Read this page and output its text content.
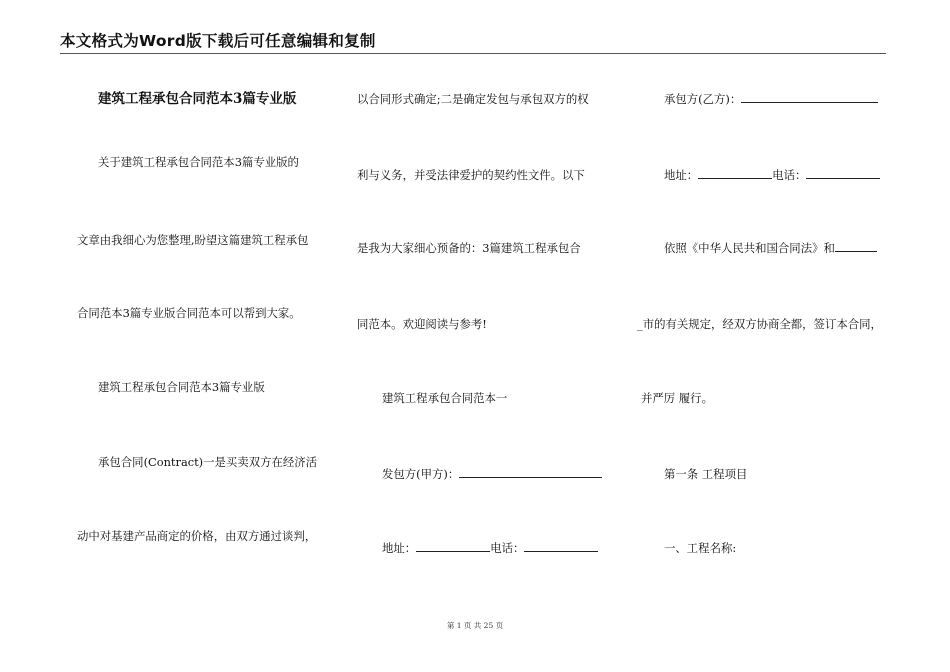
本文格式为Word版下载后可任意编辑和复制
建筑工程承包合同范本3篇专业版
关于建筑工程承包合同范本3篇专业版的
文章由我细心为您整理,盼望这篇建筑工程承包
合同范本3篇专业版合同范本可以帮到大家。
建筑工程承包合同范本3篇专业版
承包合同(Contract)一是买卖双方在经济活
动中对基建产品商定的价格，由双方通过谈判，
以合同形式确定;二是确定发包与承包双方的权
利与义务，并受法律爱护的契约性文件。以下
是我为大家细心预备的：3篇建筑工程承包合
同范本。欢迎阅读与参考!
建筑工程承包合同范本一
发包方(甲方)：
地址：	电话：
承包方(乙方)：
地址：	电话：
依照《中华人民共和国合同法》和
_市的有关规定，经双方协商全都，签订本合同，
并严厉 履行。
第一条 工程项目
一、工程名称:
第 1 页 共 25 页
